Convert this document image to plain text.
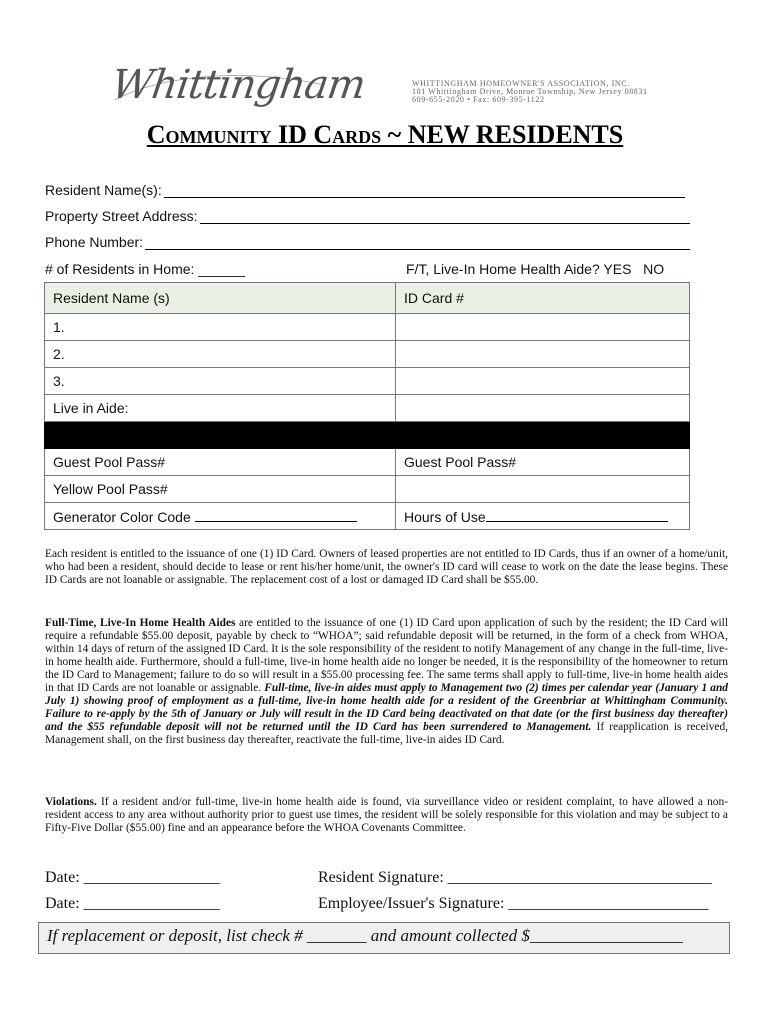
Whittingham	WHITTINGHAM HOMEOWNER'S ASSOCIATION, INC.
101 Whittingham Drive, Monroe Township, New Jersey 08831
609-655-2020 • Fax: 609-395-1122
Community ID Cards ~ NEW RESIDENTS
Resident Name(s):
Property Street Address:
Phone Number:
# of Residents in Home: ______	F/T, Live-In Home Health Aide? YES   NO
Resident Name (s)	ID Card #
1.	
2.	
3.	
Live in Aide:	

Guest Pool Pass#	Guest Pool Pass#
Yellow Pool Pass#	
Generator Color Code	Hours of Use
Each resident is entitled to the issuance of one (1) ID Card. Owners of leased properties are not entitled to ID Cards, thus if an owner of a home/unit, who had been a resident, should decide to lease or rent his/her home/unit, the owner's ID card will cease to work on the date the lease begins. These ID Cards are not loanable or assignable. The replacement cost of a lost or damaged ID Card shall be $55.00.
Full-Time, Live-In Home Health Aides are entitled to the issuance of one (1) ID Card upon application of such by the resident; the ID Card will require a refundable $55.00 deposit, payable by check to “WHOA”; said refundable deposit will be returned, in the form of a check from WHOA, within 14 days of return of the assigned ID Card. It is the sole responsibility of the resident to notify Management of any change in the full-time, live-in home health aide. Furthermore, should a full-time, live-in home health aide no longer be needed, it is the responsibility of the homeowner to return the ID Card to Management; failure to do so will result in a $55.00 processing fee. The same terms shall apply to full-time, live-in home health aides in that ID Cards are not loanable or assignable. Full-time, live-in aides must apply to Management two (2) times per calendar year (January 1 and July 1) showing proof of employment as a full-time, live-in home health aide for a resident of the Greenbriar at Whittingham Community. Failure to re-apply by the 5th of January or July will result in the ID Card being deactivated on that date (or the first business day thereafter) and the $55 refundable deposit will not be returned until the ID Card has been surrendered to Management. If reapplication is received, Management shall, on the first business day thereafter, reactivate the full-time, live-in aides ID Card.
Violations. If a resident and/or full-time, live-in home health aide is found, via surveillance video or resident complaint, to have allowed a non-resident access to any area without authority prior to guest use times, the resident will be solely responsible for this violation and may be subject to a Fifty-Five Dollar ($55.00) fine and an appearance before the WHOA Covenants Committee.
Date: _________________	Resident Signature: _________________________________
Date: _________________	Employee/Issuer's Signature: _________________________
If replacement or deposit, list check # _______ and amount collected $__________________
